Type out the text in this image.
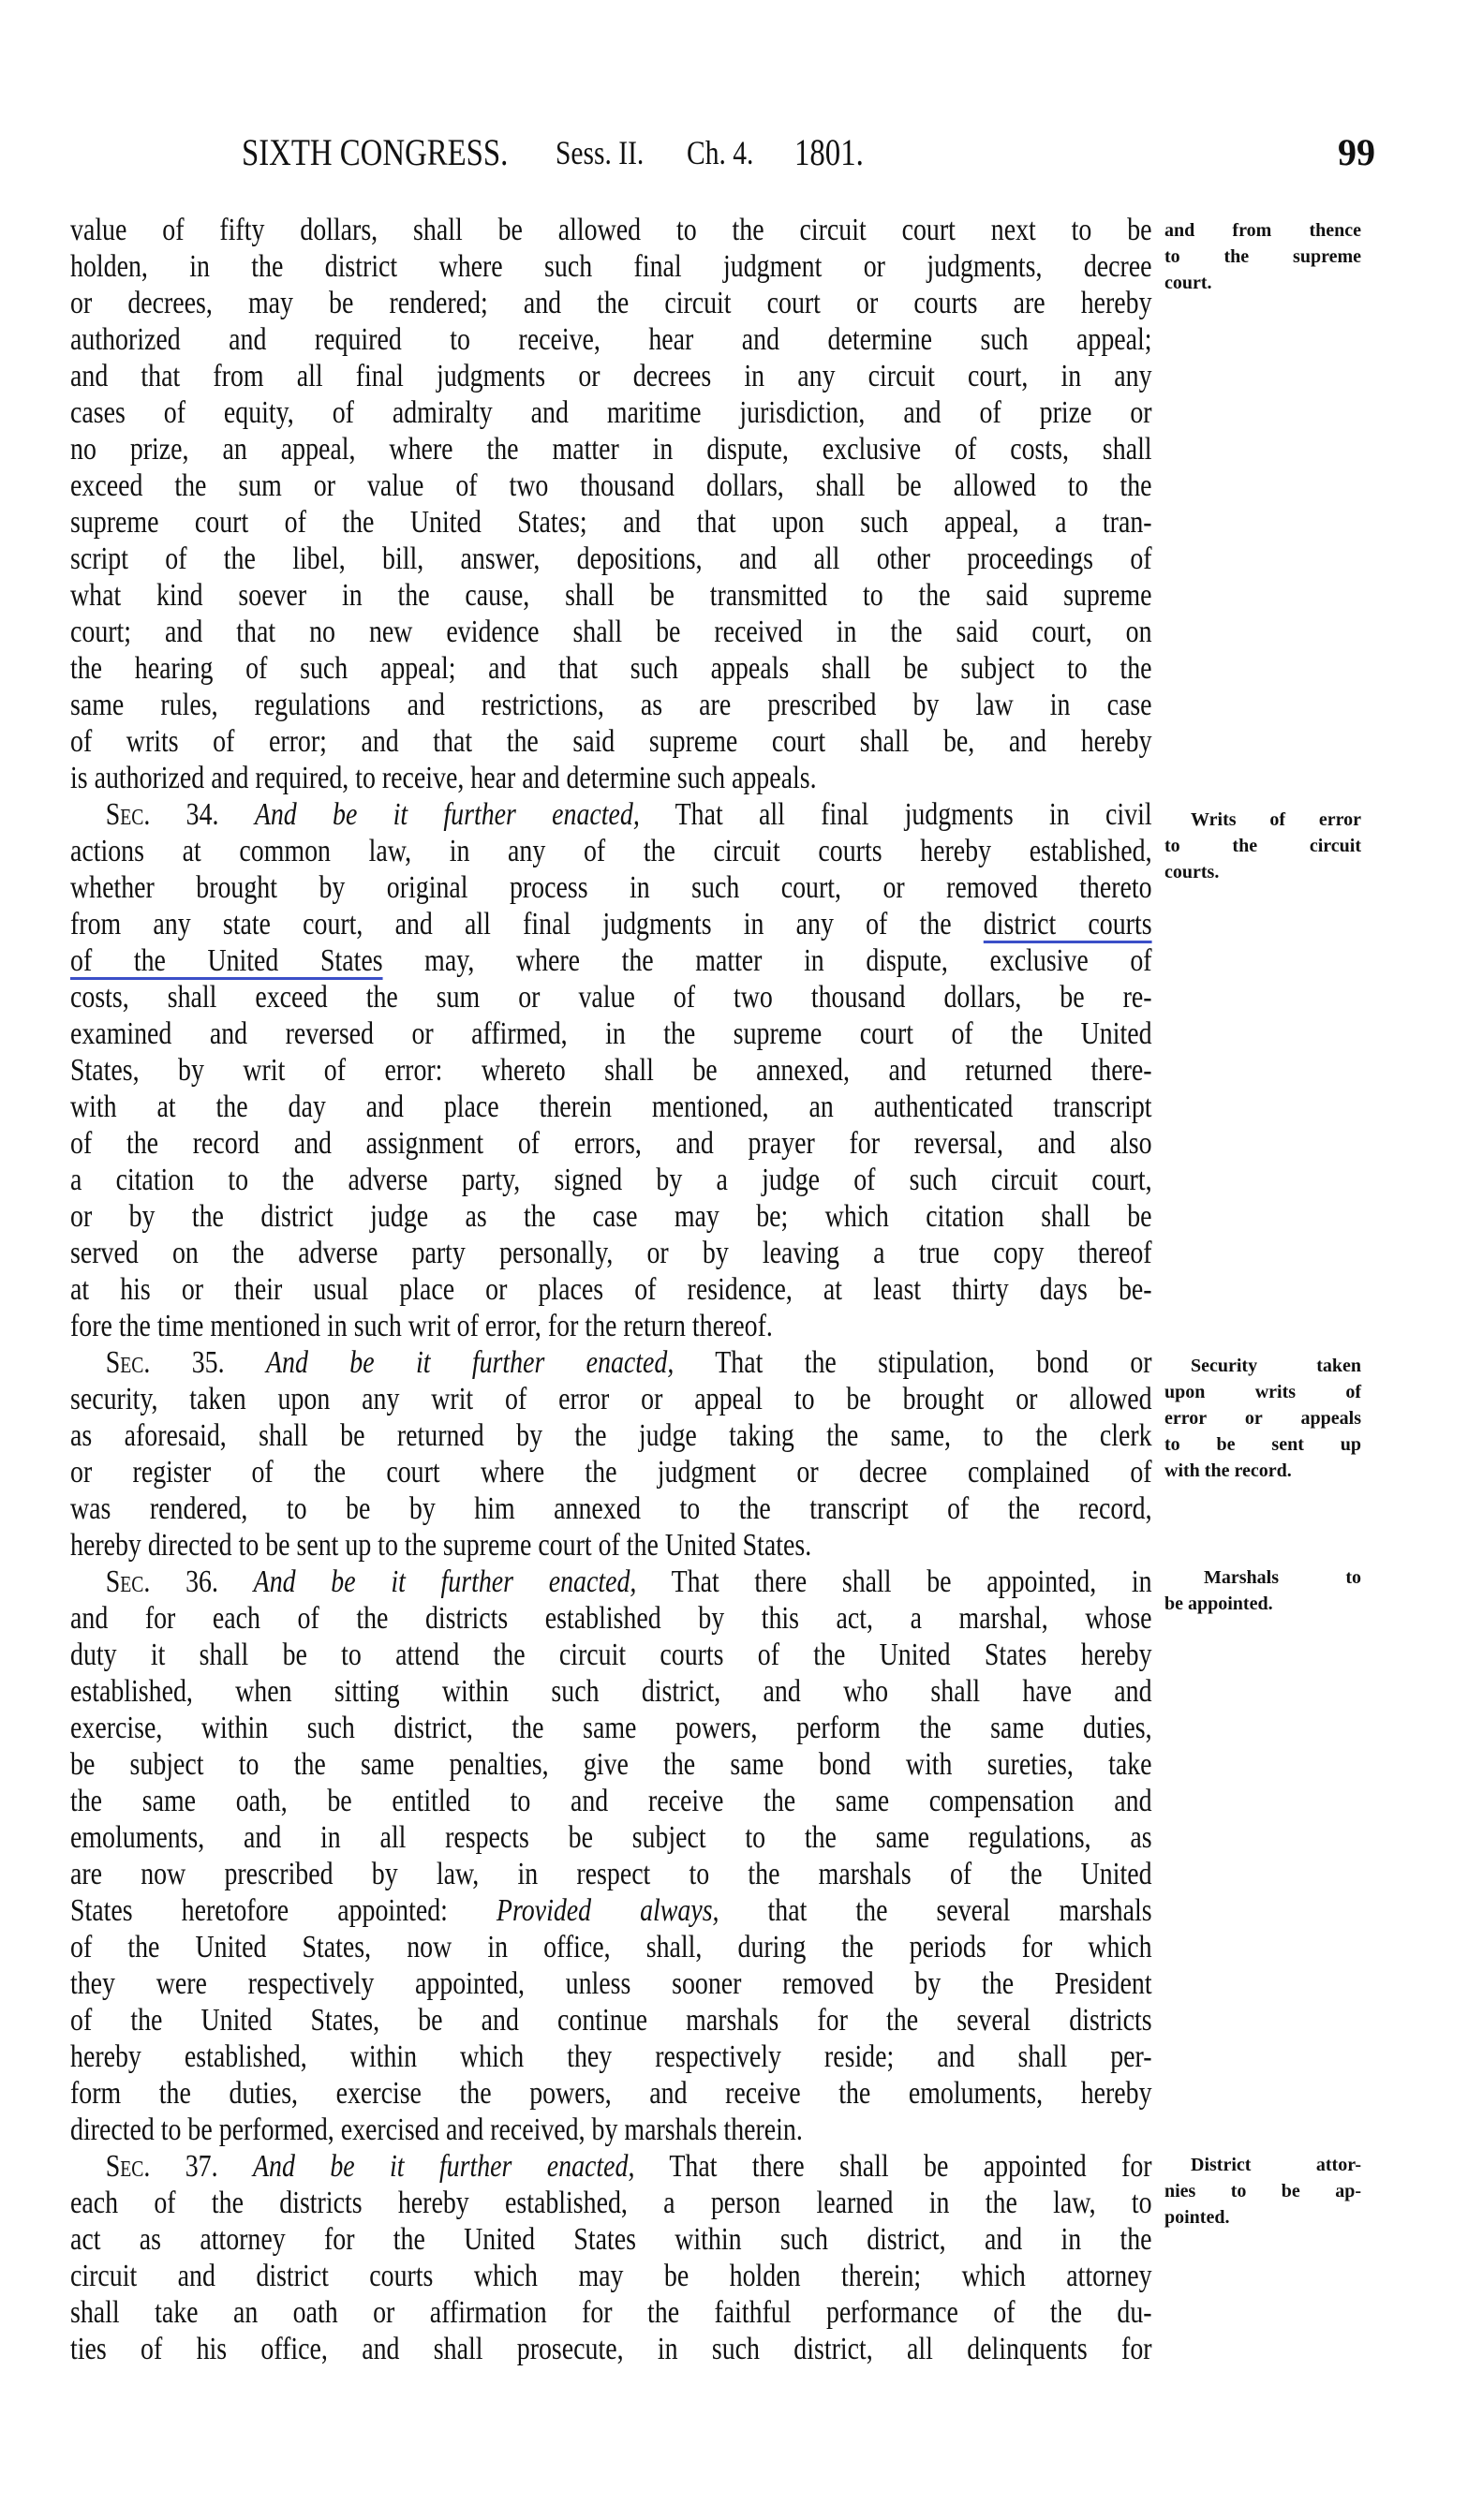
SIXTH CONGRESS. Sess. II. Ch. 4. 1801.	99
value of fifty dollars, shall be allowed to the circuit court next to be
holden, in the district where such final judgment or judgments, decree
or decrees, may be rendered; and the circuit court or courts are hereby
authorized and required to receive, hear and determine such appeal;
and that from all final judgments or decrees in any circuit court, in any
cases of equity, of admiralty and maritime jurisdiction, and of prize or
no prize, an appeal, where the matter in dispute, exclusive of costs, shall
exceed the sum or value of two thousand dollars, shall be allowed to the
supreme court of the United States; and that upon such appeal, a tran-
script of the libel, bill, answer, depositions, and all other proceedings of
what kind soever in the cause, shall be transmitted to the said supreme
court; and that no new evidence shall be received in the said court, on
the hearing of such appeal; and that such appeals shall be subject to the
same rules, regulations and restrictions, as are prescribed by law in case
of writs of error; and that the said supreme court shall be, and hereby
is authorized and required, to receive, hear and determine such appeals.
Sec. 34. And be it further enacted, That all final judgments in civil
actions at common law, in any of the circuit courts hereby established,
whether brought by original process in such court, or removed thereto
from any state court, and all final judgments in any of the district courts
of the United States may, where the matter in dispute, exclusive of
costs, shall exceed the sum or value of two thousand dollars, be re-
examined and reversed or affirmed, in the supreme court of the United
States, by writ of error: whereto shall be annexed, and returned there-
with at the day and place therein mentioned, an authenticated transcript
of the record and assignment of errors, and prayer for reversal, and also
a citation to the adverse party, signed by a judge of such circuit court,
or by the district judge as the case may be; which citation shall be
served on the adverse party personally, or by leaving a true copy thereof
at his or their usual place or places of residence, at least thirty days be-
fore the time mentioned in such writ of error, for the return thereof.
Sec. 35. And be it further enacted, That the stipulation, bond or
security, taken upon any writ of error or appeal to be brought or allowed
as aforesaid, shall be returned by the judge taking the same, to the clerk
or register of the court where the judgment or decree complained of
was rendered, to be by him annexed to the transcript of the record,
hereby directed to be sent up to the supreme court of the United States.
Sec. 36. And be it further enacted, That there shall be appointed, in
and for each of the districts established by this act, a marshal, whose
duty it shall be to attend the circuit courts of the United States hereby
established, when sitting within such district, and who shall have and
exercise, within such district, the same powers, perform the same duties,
be subject to the same penalties, give the same bond with sureties, take
the same oath, be entitled to and receive the same compensation and
emoluments, and in all respects be subject to the same regulations, as
are now prescribed by law, in respect to the marshals of the United
States heretofore appointed: Provided always, that the several marshals
of the United States, now in office, shall, during the periods for which
they were respectively appointed, unless sooner removed by the President
of the United States, be and continue marshals for the several districts
hereby established, within which they respectively reside; and shall per-
form the duties, exercise the powers, and receive the emoluments, hereby
directed to be performed, exercised and received, by marshals therein.
Sec. 37. And be it further enacted, That there shall be appointed for
each of the districts hereby established, a person learned in the law, to
act as attorney for the United States within such district, and in the
circuit and district courts which may be holden therein; which attorney
shall take an oath or affirmation for the faithful performance of the du-
ties of his office, and shall prosecute, in such district, all delinquents for
and from thence
to the supreme
court.
Writs of error
to the circuit
courts.
Security taken
upon writs of
error or appeals
to be sent up
with the record.
Marshals to
be appointed.
District attor-
nies to be ap-
pointed.
